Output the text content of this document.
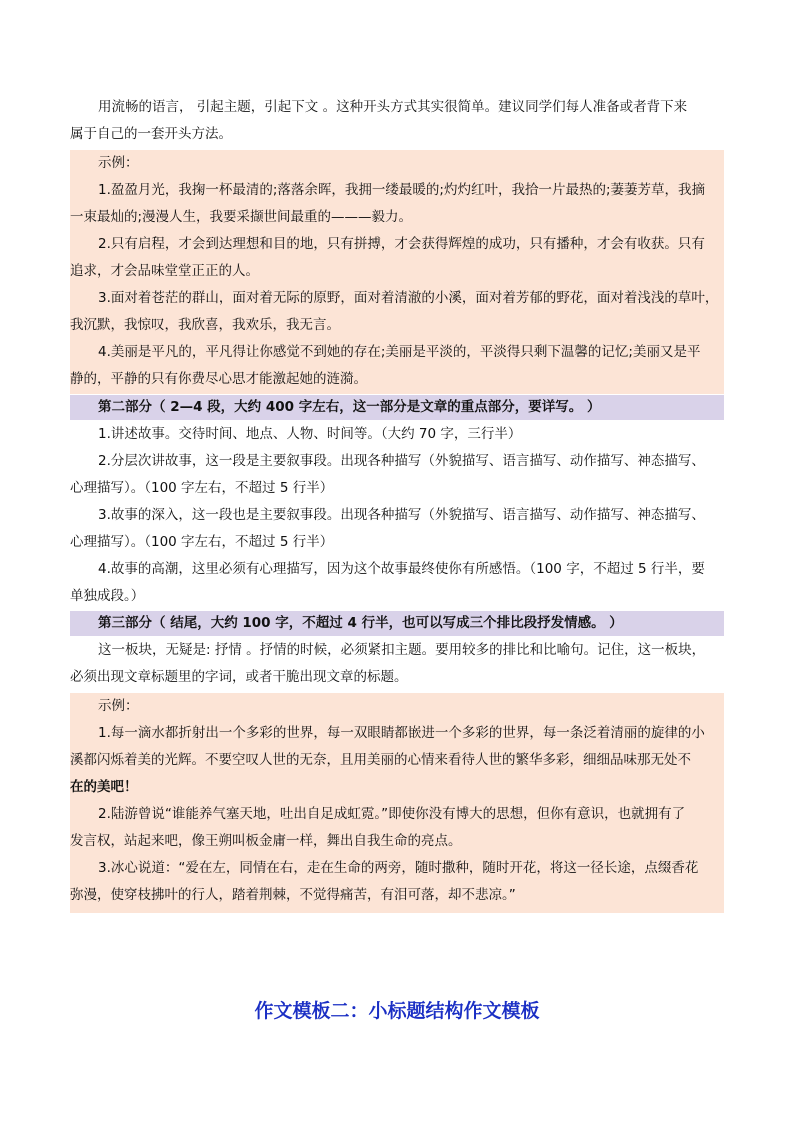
用流畅的语言， 引起主题，引起下文 。这种开头方式其实很简单。建议同学们每人准备或者背下来
属于自己的一套开头方法。
示例：
1.盈盈月光，我掬一杯最清的;落落余晖，我拥一缕最暖的;灼灼红叶，我拾一片最热的;萋萋芳草，我摘
一束最灿的;漫漫人生，我要采撷世间最重的———毅力。
2.只有启程，才会到达理想和目的地，只有拼搏，才会获得辉煌的成功，只有播种，才会有收获。只有
追求，才会品味堂堂正正的人。
3.面对着苍茫的群山，面对着无际的原野，面对着清澈的小溪，面对着芳郁的野花，面对着浅浅的草叶，
我沉默，我惊叹，我欣喜，我欢乐，我无言。
4.美丽是平凡的，平凡得让你感觉不到她的存在;美丽是平淡的，平淡得只剩下温馨的记忆;美丽又是平
静的，平静的只有你费尽心思才能激起她的涟漪。
第二部分（ 2—4 段，大约 400 字左右，这一部分是文章的重点部分，要详写。 ）
1.讲述故事。交待时间、地点、人物、时间等。（大约 70 字，三行半）
2.分层次讲故事，这一段是主要叙事段。出现各种描写（外貌描写、语言描写、动作描写、神态描写、
心理描写）。（100 字左右，不超过 5 行半）
3.故事的深入，这一段也是主要叙事段。出现各种描写（外貌描写、语言描写、动作描写、神态描写、
心理描写）。（100 字左右，不超过 5 行半）
4.故事的高潮，这里必须有心理描写，因为这个故事最终使你有所感悟。（100 字，不超过 5 行半，要
单独成段。）
第三部分（ 结尾，大约 100 字，不超过 4 行半，也可以写成三个排比段抒发情感。 ）
这一板块，无疑是: 抒情 。抒情的时候，必须紧扣主题。要用较多的排比和比喻句。记住，这一板块，
必须出现文章标题里的字词，或者干脆出现文章的标题。
示例：
1.每一滴水都折射出一个多彩的世界，每一双眼睛都嵌进一个多彩的世界，每一条泛着清丽的旋律的小
溪都闪烁着美的光辉。不要空叹人世的无奈，且用美丽的心情来看待人世的繁华多彩，细细品味那无处不
在的美吧！
2.陆游曾说“谁能养气塞天地，吐出自足成虹霓。”即使你没有博大的思想，但你有意识，也就拥有了
发言权，站起来吧，像王朔叫板金庸一样，舞出自我生命的亮点。
3.冰心说道：“爱在左，同情在右，走在生命的两旁，随时撒种，随时开花，将这一径长途，点缀香花
弥漫，使穿枝拂叶的行人，踏着荆棘，不觉得痛苦，有泪可落，却不悲凉。”
作文模板二：小标题结构作文模板
